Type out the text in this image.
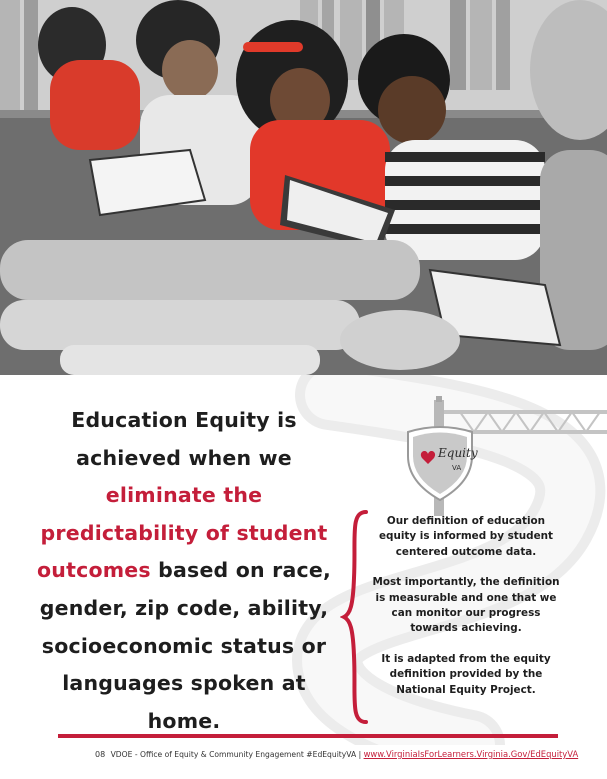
Equity
VA
Education Equity is
achieved when we
eliminate the
predictability of student
outcomes based on race,
gender, zip code, ability,
socioeconomic status or
languages spoken at
home.

Our definition of education equity is informed by student centered outcome data.

Most importantly, the definition is measurable and one that we can monitor our progress towards achieving.

It is adapted from the equity definition provided by the National Equity Project.

08 VDOE - Office of Equity & Community Engagement #EdEquityVA | www.VirginiaIsForLearners.Virginia.Gov/EdEquityVA
